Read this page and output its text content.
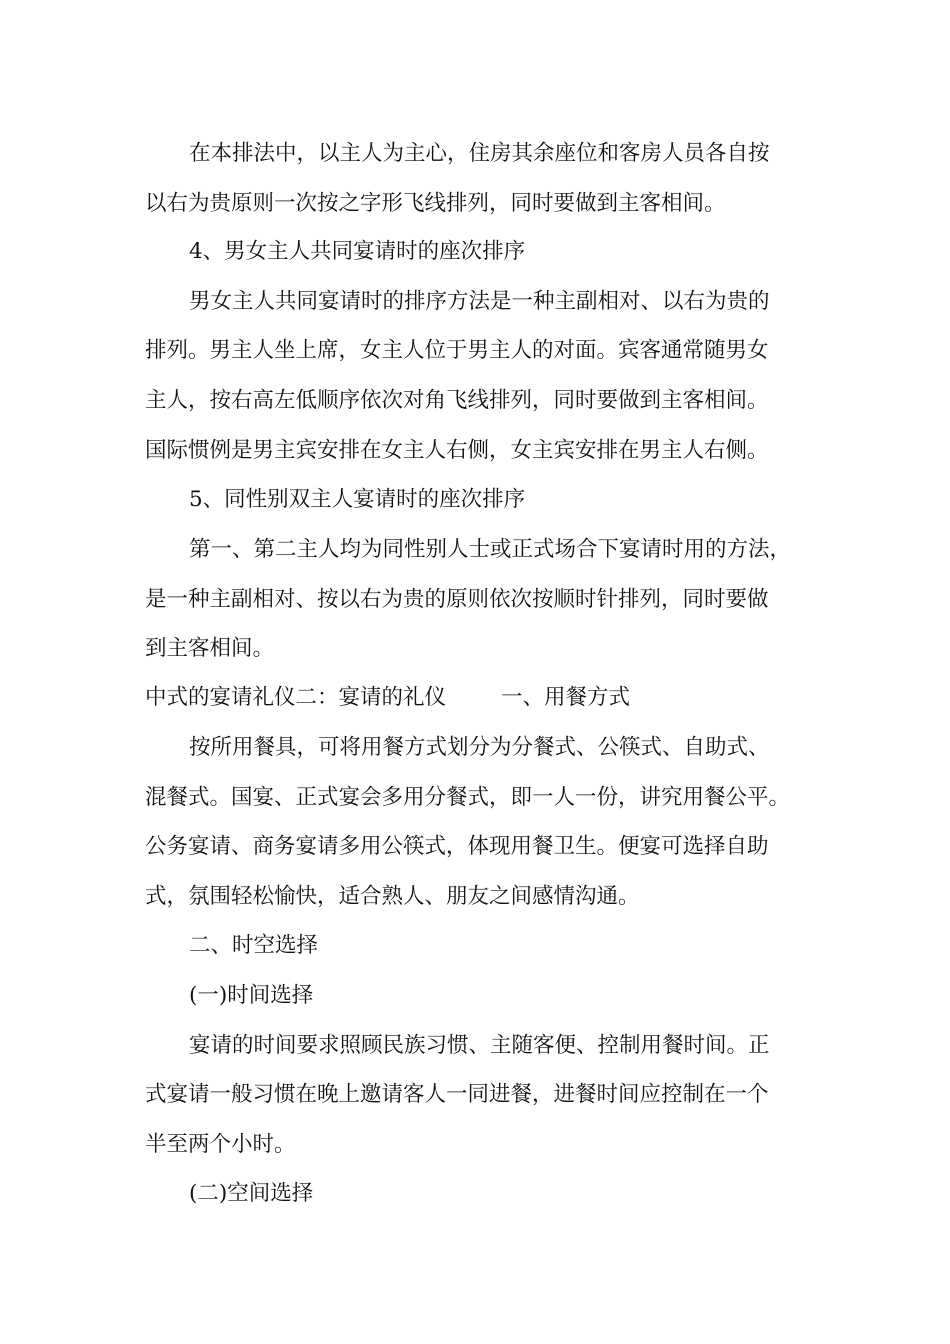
在本排法中，以主人为主心，住房其余座位和客房人员各自按
以右为贵原则一次按之字形飞线排列，同时要做到主客相间。
4、男女主人共同宴请时的座次排序
男女主人共同宴请时的排序方法是一种主副相对、以右为贵的
排列。男主人坐上席，女主人位于男主人的对面。宾客通常随男女
主人，按右高左低顺序依次对角飞线排列，同时要做到主客相间。
国际惯例是男主宾安排在女主人右侧，女主宾安排在男主人右侧。
5、同性别双主人宴请时的座次排序
第一、第二主人均为同性别人士或正式场合下宴请时用的方法，
是一种主副相对、按以右为贵的原则依次按顺时针排列，同时要做
到主客相间。
中式的宴请礼仪二：宴请的礼仪	一、用餐方式
按所用餐具，可将用餐方式划分为分餐式、公筷式、自助式、
混餐式。国宴、正式宴会多用分餐式，即一人一份，讲究用餐公平。
公务宴请、商务宴请多用公筷式，体现用餐卫生。便宴可选择自助
式，氛围轻松愉快，适合熟人、朋友之间感情沟通。
二、时空选择
(一)时间选择
宴请的时间要求照顾民族习惯、主随客便、控制用餐时间。正
式宴请一般习惯在晚上邀请客人一同进餐，进餐时间应控制在一个
半至两个小时。
(二)空间选择
